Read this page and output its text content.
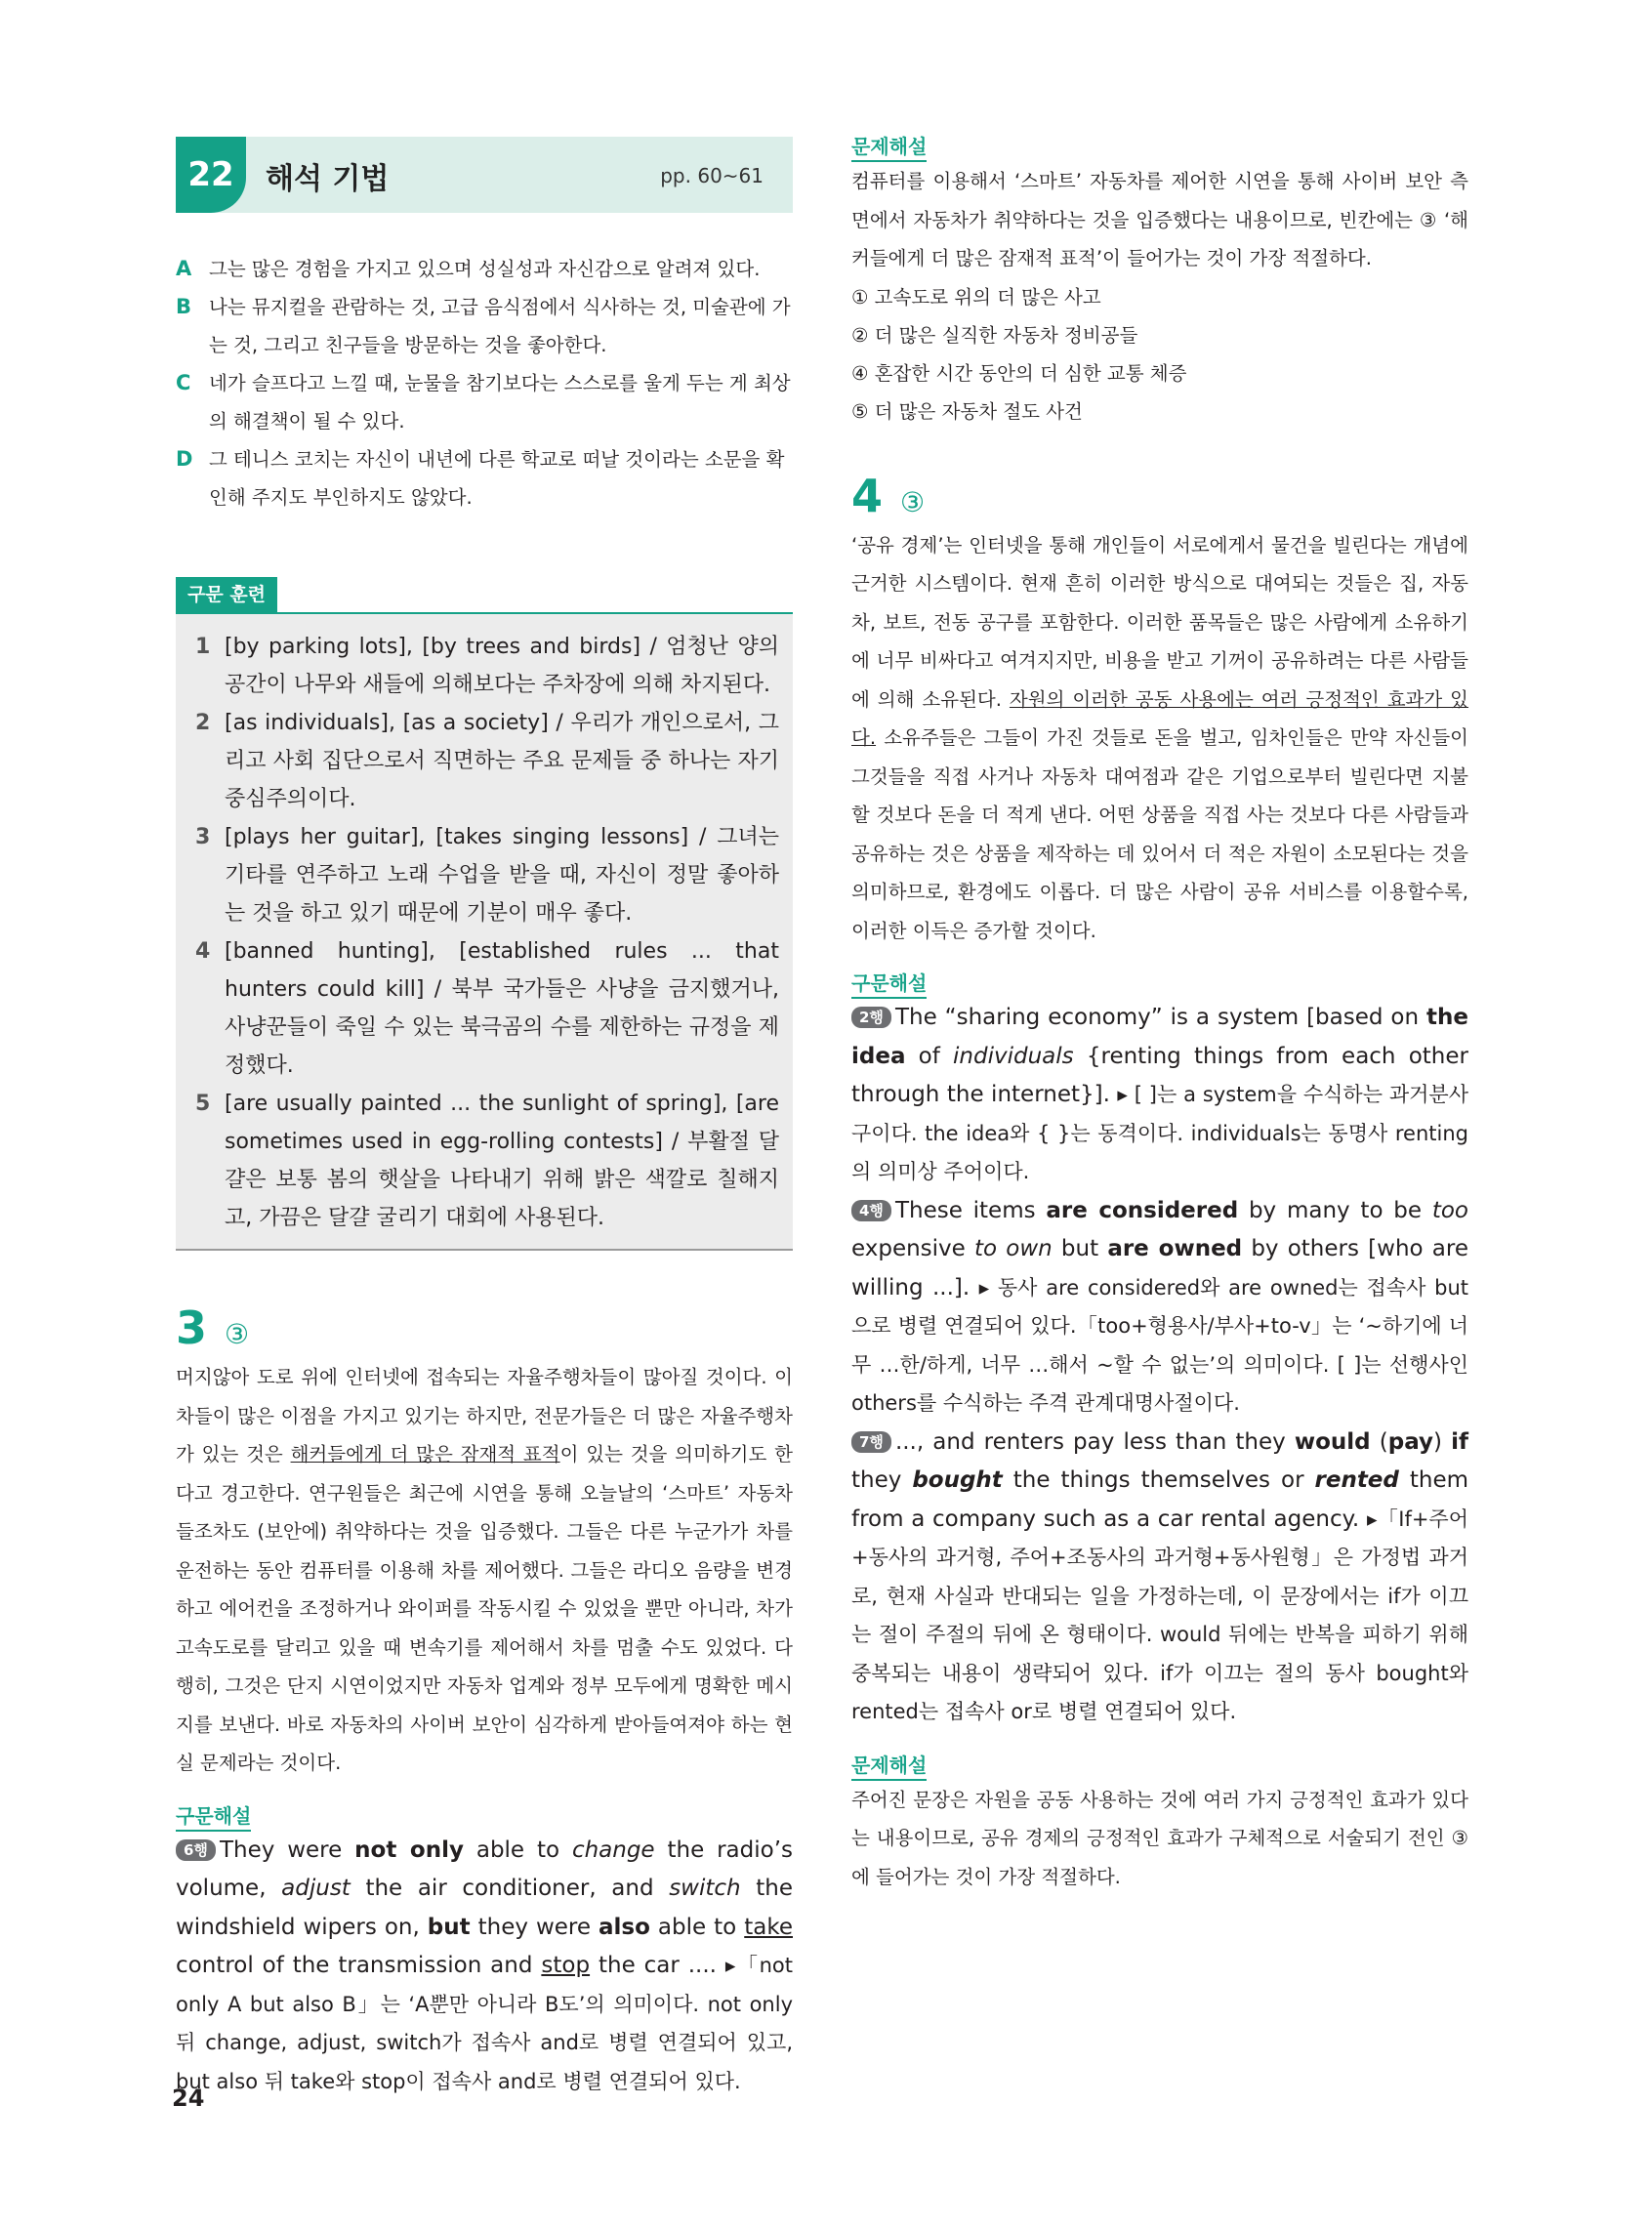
22	해석 기법	pp. 60~61
A 그는 많은 경험을 가지고 있으며 성실성과 자신감으로 알려져 있다.
B 나는 뮤지컬을 관람하는 것, 고급 음식점에서 식사하는 것, 미술관에 가는 것, 그리고 친구들을 방문하는 것을 좋아한다.
C 네가 슬프다고 느낄 때, 눈물을 참기보다는 스스로를 울게 두는 게 최상의 해결책이 될 수 있다.
D 그 테니스 코치는 자신이 내년에 다른 학교로 떠날 것이라는 소문을 확인해 주지도 부인하지도 않았다.
구문 훈련
1 [by parking lots], [by trees and birds] / 엄청난 양의 공간이 나무와 새들에 의해보다는 주차장에 의해 차지된다.
2 [as individuals], [as a society] / 우리가 개인으로서, 그리고 사회 집단으로서 직면하는 주요 문제들 중 하나는 자기중심주의이다.
3 [plays her guitar], [takes singing lessons] / 그녀는 기타를 연주하고 노래 수업을 받을 때, 자신이 정말 좋아하는 것을 하고 있기 때문에 기분이 매우 좋다.
4 [banned hunting], [established rules ... that hunters could kill] / 북부 국가들은 사냥을 금지했거나, 사냥꾼들이 죽일 수 있는 북극곰의 수를 제한하는 규정을 제정했다.
5 [are usually painted ... the sunlight of spring], [are sometimes used in egg-rolling contests] / 부활절 달걀은 보통 봄의 햇살을 나타내기 위해 밝은 색깔로 칠해지고, 가끔은 달걀 굴리기 대회에 사용된다.
3 ③
머지않아 도로 위에 인터넷에 접속되는 자율주행차들이 많아질 것이다. 이 차들이 많은 이점을 가지고 있기는 하지만, 전문가들은 더 많은 자율주행차가 있는 것은 해커들에게 더 많은 잠재적 표적이 있는 것을 의미하기도 한다고 경고한다. 연구원들은 최근에 시연을 통해 오늘날의 ‘스마트’ 자동차들조차도 (보안에) 취약하다는 것을 입증했다. 그들은 다른 누군가가 차를 운전하는 동안 컴퓨터를 이용해 차를 제어했다. 그들은 라디오 음량을 변경하고 에어컨을 조정하거나 와이퍼를 작동시킬 수 있었을 뿐만 아니라, 차가 고속도로를 달리고 있을 때 변속기를 제어해서 차를 멈출 수도 있었다. 다행히, 그것은 단지 시연이었지만 자동차 업계와 정부 모두에게 명확한 메시지를 보낸다. 바로 자동차의 사이버 보안이 심각하게 받아들여져야 하는 현실 문제라는 것이다.
구문해설
6행 They were not only able to change the radio’s volume, adjust the air conditioner, and switch the windshield wipers on, but they were also able to take control of the transmission and stop the car .... ▸「not only A but also B」는 ‘A뿐만 아니라 B도’의 의미이다. not only 뒤 change, adjust, switch가 접속사 and로 병렬 연결되어 있고, but also 뒤 take와 stop이 접속사 and로 병렬 연결되어 있다.
문제해설
컴퓨터를 이용해서 ‘스마트’ 자동차를 제어한 시연을 통해 사이버 보안 측면에서 자동차가 취약하다는 것을 입증했다는 내용이므로, 빈칸에는 ③ ‘해커들에게 더 많은 잠재적 표적’이 들어가는 것이 가장 적절하다.
① 고속도로 위의 더 많은 사고
② 더 많은 실직한 자동차 정비공들
④ 혼잡한 시간 동안의 더 심한 교통 체증
⑤ 더 많은 자동차 절도 사건
4 ③
‘공유 경제’는 인터넷을 통해 개인들이 서로에게서 물건을 빌린다는 개념에 근거한 시스템이다. 현재 흔히 이러한 방식으로 대여되는 것들은 집, 자동차, 보트, 전동 공구를 포함한다. 이러한 품목들은 많은 사람에게 소유하기에 너무 비싸다고 여겨지지만, 비용을 받고 기꺼이 공유하려는 다른 사람들에 의해 소유된다. 자원의 이러한 공동 사용에는 여러 긍정적인 효과가 있다. 소유주들은 그들이 가진 것들로 돈을 벌고, 임차인들은 만약 자신들이 그것들을 직접 사거나 자동차 대여점과 같은 기업으로부터 빌린다면 지불할 것보다 돈을 더 적게 낸다. 어떤 상품을 직접 사는 것보다 다른 사람들과 공유하는 것은 상품을 제작하는 데 있어서 더 적은 자원이 소모된다는 것을 의미하므로, 환경에도 이롭다. 더 많은 사람이 공유 서비스를 이용할수록, 이러한 이득은 증가할 것이다.
구문해설
2행 The “sharing economy” is a system [based on the idea of individuals {renting things from each other through the internet}]. ▸ [ ]는 a system을 수식하는 과거분사구이다. the idea와 { }는 동격이다. individuals는 동명사 renting의 의미상 주어이다.
4행 These items are considered by many to be too expensive to own but are owned by others [who are willing ...]. ▸ 동사 are considered와 are owned는 접속사 but으로 병렬 연결되어 있다.「too+형용사/부사+to-v」는 ‘~하기에 너무 …한/하게, 너무 …해서 ~할 수 없는’의 의미이다. [ ]는 선행사인 others를 수식하는 주격 관계대명사절이다.
7행 ..., and renters pay less than they would (pay) if they bought the things themselves or rented them from a company such as a car rental agency. ▸「If+주어+동사의 과거형, 주어+조동사의 과거형+동사원형」은 가정법 과거로, 현재 사실과 반대되는 일을 가정하는데, 이 문장에서는 if가 이끄는 절이 주절의 뒤에 온 형태이다. would 뒤에는 반복을 피하기 위해 중복되는 내용이 생략되어 있다. if가 이끄는 절의 동사 bought와 rented는 접속사 or로 병렬 연결되어 있다.
문제해설
주어진 문장은 자원을 공동 사용하는 것에 여러 가지 긍정적인 효과가 있다는 내용이므로, 공유 경제의 긍정적인 효과가 구체적으로 서술되기 전인 ③에 들어가는 것이 가장 적절하다.
24
